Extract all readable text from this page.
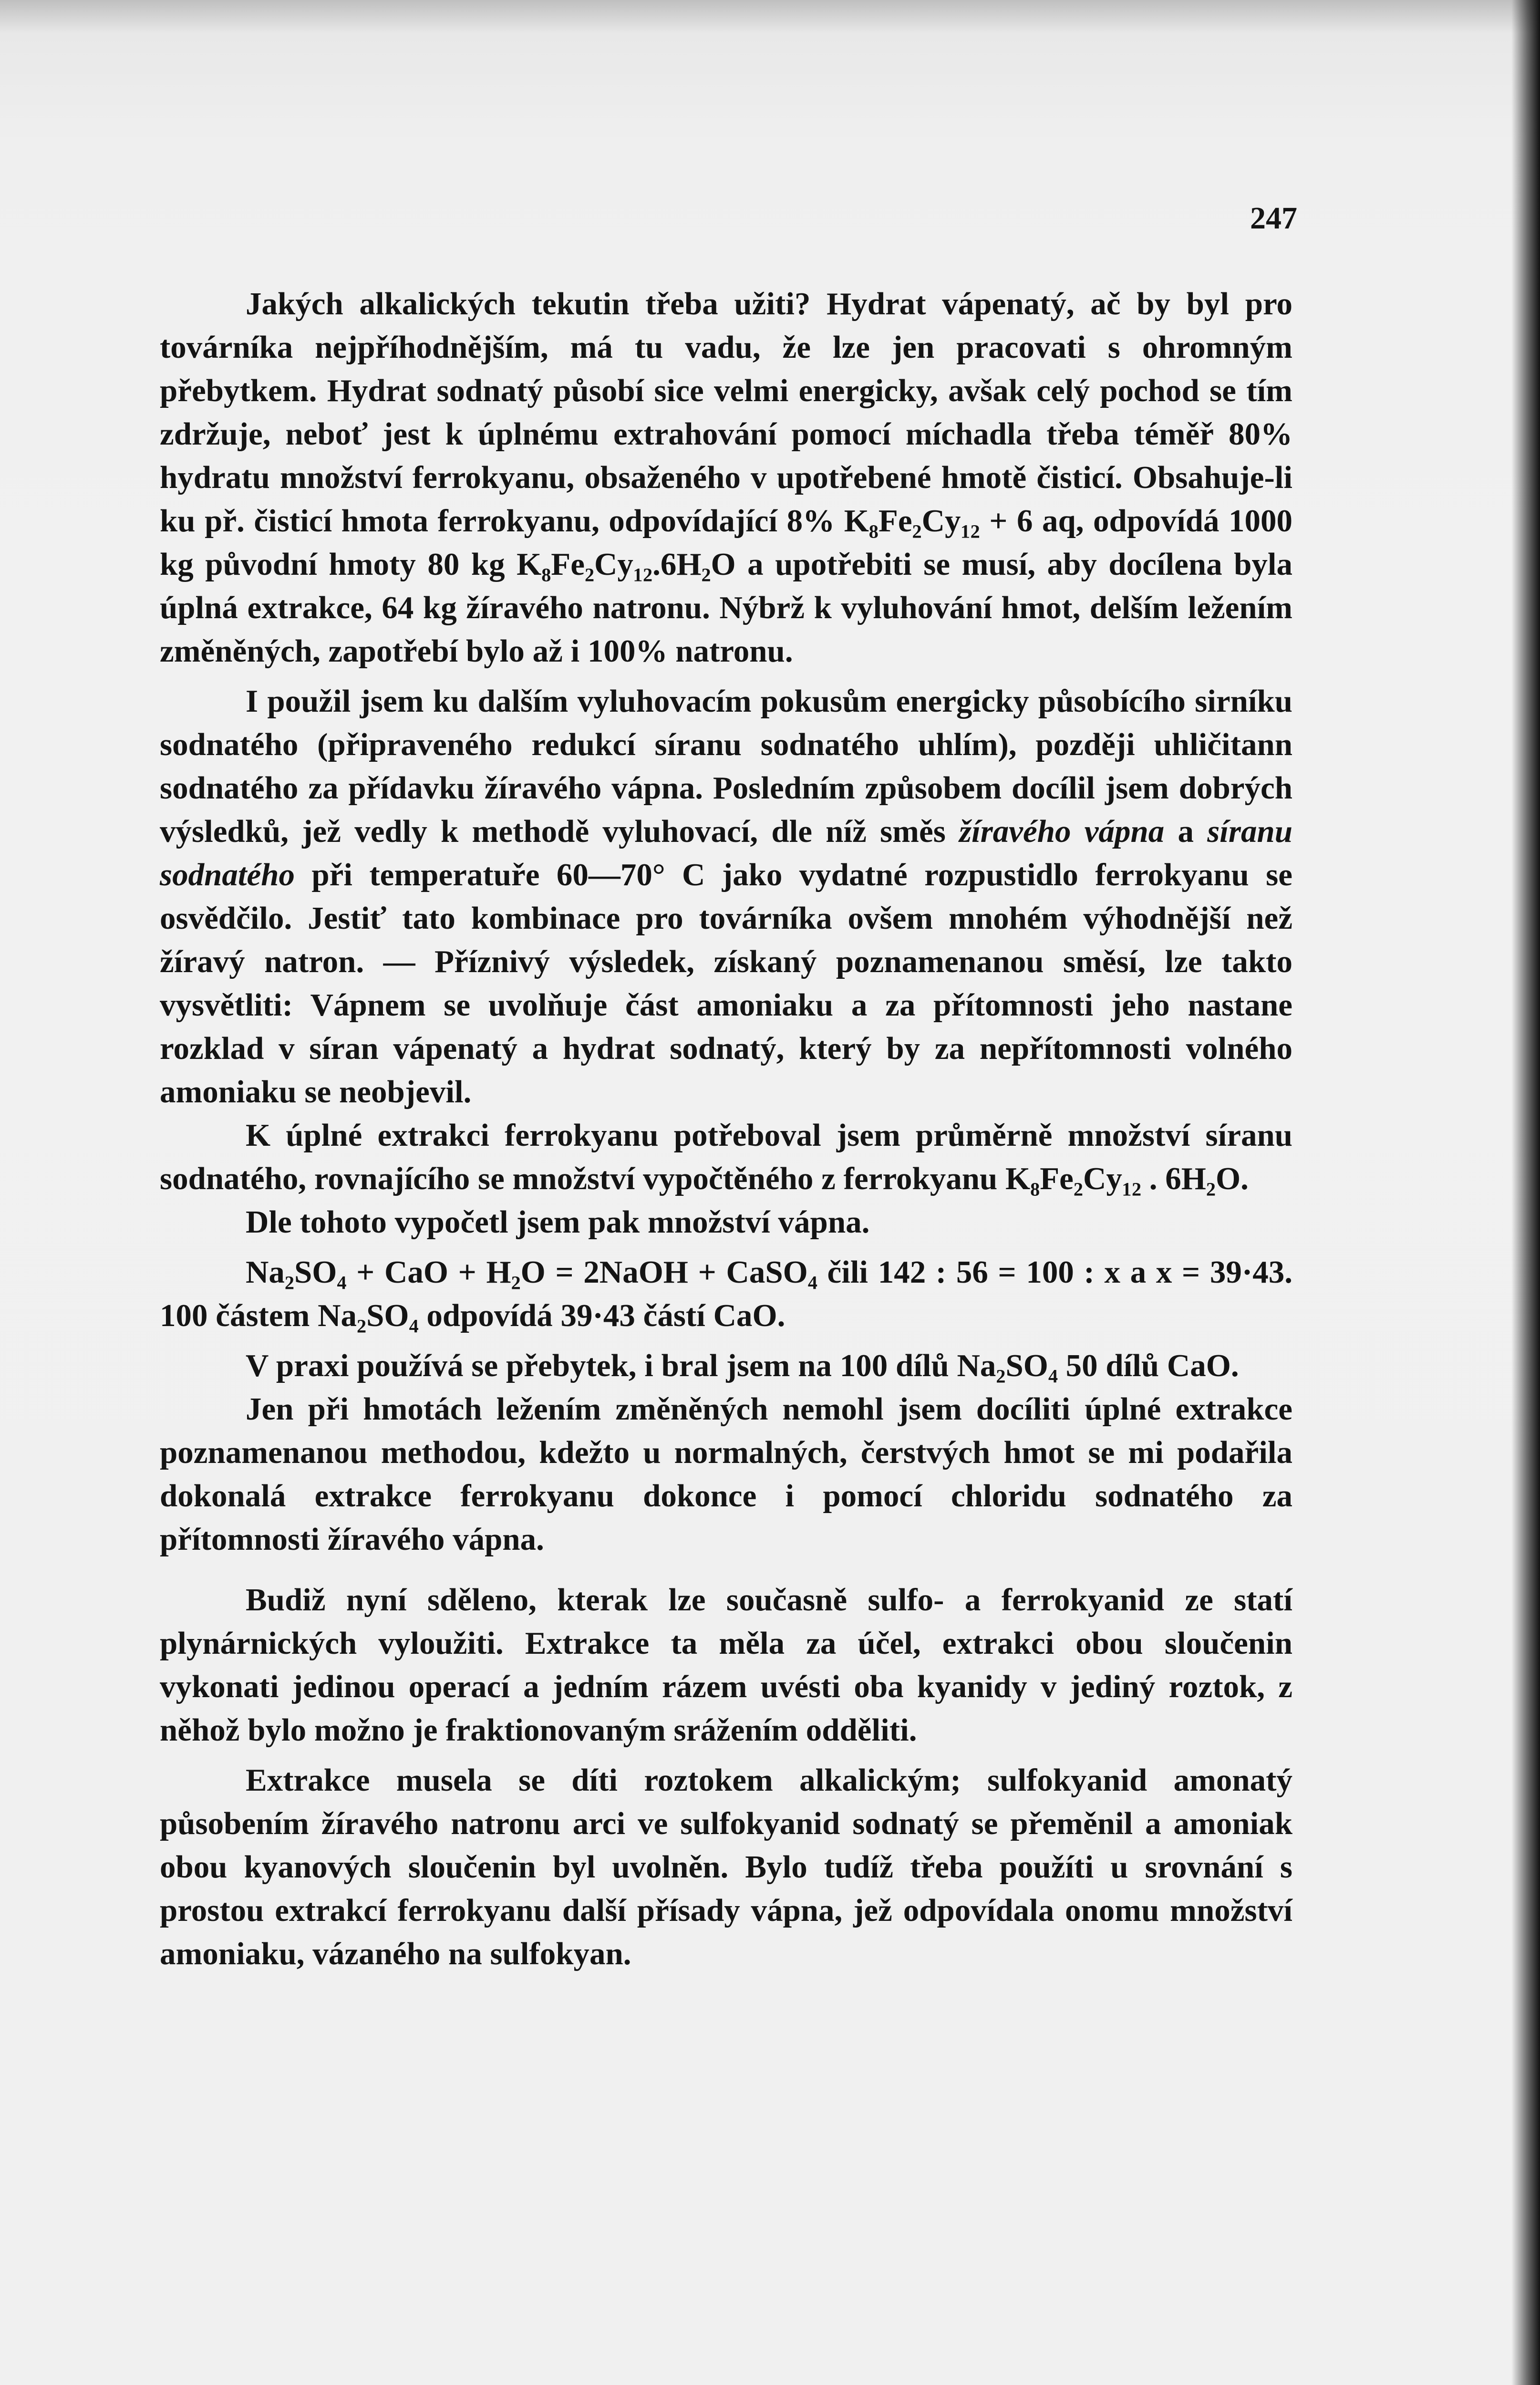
247

Jakých alkalických tekutin třeba užiti? Hydrat vápenatý, ač by byl pro továrníka nejpříhodnějším, má tu vadu, že lze jen pracovati s ohromným přebytkem. Hydrat sodnatý působí sice velmi energicky, avšak celý pochod se tím zdržuje, neboť jest k úplnému extrahování pomocí míchadla třeba téměř 80% hydratu množství ferrokyanu, obsaženého v upotřebené hmotě čisticí. Obsahuje-li ku př. čisticí hmota ferrokyanu, odpovídající 8% K₈Fe₂Cy₁₂ + 6 aq, odpovídá 1000 kg původní hmoty 80 kg K₈Fe₂Cy₁₂.6H₂O a upotřebiti se musí, aby docílena byla úplná extrakce, 64 kg žíravého natronu. Nýbrž k vyluhování hmot, delším ležením změněných, zapotřebí bylo až i 100% natronu.

I použil jsem ku dalším vyluhovacím pokusům energicky působícího sirníku sodnatého (připraveného redukcí síranu sodnatého uhlím), později uhličitann sodnatého za přídavku žíravého vápna. Posledním způsobem docílil jsem dobrých výsledků, jež vedly k methodě vyluhovací, dle níž směs žíravého vápna a síranu sodnatého při temperatuře 60—70° C jako vydatné rozpustidlo ferrokyanu se osvědčilo. Jestiť tato kombinace pro továrníka ovšem mnohém výhodnější než žíravý natron. — Příznivý výsledek, získaný poznamenanou směsí, lze takto vysvětliti: Vápnem se uvolňuje část amoniaku a za přítomnosti jeho nastane rozklad v síran vápenatý a hydrat sodnatý, který by za nepřítomnosti volného amoniaku se neobjevil.

K úplné extrakci ferrokyanu potřeboval jsem průměrně množství síranu sodnatého, rovnajícího se množství vypočtěného z ferrokyanu K₈Fe₂Cy₁₂ . 6H₂O.

Dle tohoto vypočetl jsem pak množství vápna.

Na₂SO₄ + CaO + H₂O = 2NaOH + CaSO₄ čili 142 : 56 = 100 : x a x = 39·43. 100 částem Na₂SO₄ odpovídá 39·43 částí CaO.

V praxi používá se přebytek, i bral jsem na 100 dílů Na₂SO₄ 50 dílů CaO.

Jen při hmotách ležením změněných nemohl jsem docíliti úplné extrakce poznamenanou methodou, kdežto u normalných, čerstvých hmot se mi podařila dokonalá extrakce ferrokyanu dokonce i pomocí chloridu sodnatého za přítomnosti žíravého vápna.

Budiž nyní sděleno, kterak lze současně sulfo- a ferrokyanid ze statí plynárnických vyloužiti. Extrakce ta měla za účel, extrakci obou sloučenin vykonati jedinou operací a jedním rázem uvésti oba kyanidy v jediný roztok, z něhož bylo možno je fraktionovaným srážením odděliti.

Extrakce musela se díti roztokem alkalickým; sulfokyanid amonatý působením žíravého natronu arci ve sulfokyanid sodnatý se přeměnil a amoniak obou kyanových sloučenin byl uvolněn. Bylo tudíž třeba použíti u srovnání s prostou extrakcí ferrokyanu další přísady vápna, jež odpovídala onomu množství amoniaku, vázaného na sulfokyan.
